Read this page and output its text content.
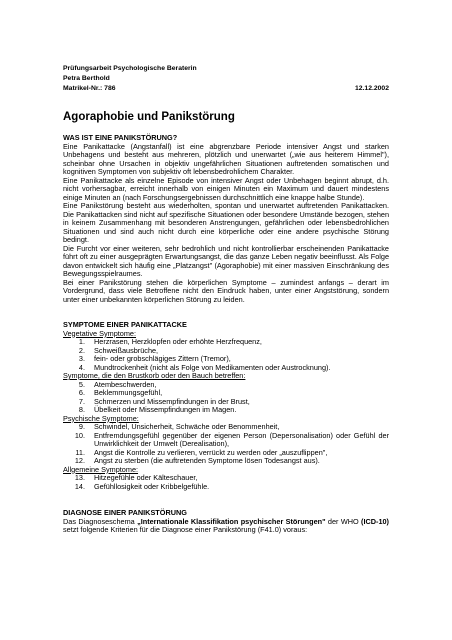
Prüfungsarbeit Psychologische Beraterin
Petra Berthold
Matrikel-Nr.: 786	12.12.2002
Agoraphobie und Panikstörung

WAS IST EINE PANIKSTÖRUNG?

Eine Panikattacke (Angstanfall) ist eine abgrenzbare Periode intensiver Angst und starken Unbehagens und besteht aus mehreren, plötzlich und unerwartet („wie aus heiterem Himmel"), scheinbar ohne Ursachen in objektiv ungefährlichen Situationen auftretenden somatischen und kognitiven Symptomen von subjektiv oft lebensbedrohlichem Charakter.

Eine Panikattacke als einzelne Episode von intensiver Angst oder Unbehagen beginnt abrupt, d.h. nicht vorhersagbar, erreicht innerhalb von einigen Minuten ein Maximum und dauert mindestens einige Minuten an (nach Forschungsergebnissen durchschnittlich eine knappe halbe Stunde).

Eine Panikstörung besteht aus wiederholten, spontan und unerwartet auftretenden Panikattacken. Die Panikattacken sind nicht auf spezifische Situationen oder besondere Umstände bezogen, stehen in keinem Zusammenhang mit besonderen Anstrengungen, gefährlichen oder lebensbedrohlichen Situationen und sind auch nicht durch eine körperliche oder eine andere psychische Störung bedingt.

Die Furcht vor einer weiteren, sehr bedrohlich und nicht kontrollierbar erscheinenden Panikattacke führt oft zu einer ausgeprägten Erwartungsangst, die das ganze Leben negativ beeinflusst. Als Folge davon entwickelt sich häufig eine „Platzangst" (Agoraphobie) mit einer massiven Einschränkung des Bewegungsspielraumes.

Bei einer Panikstörung stehen die körperlichen Symptome – zumindest anfangs – derart im Vordergrund, dass viele Betroffene nicht den Eindruck haben, unter einer Angststörung, sondern unter einer unbekannten körperlichen Störung zu leiden.

SYMPTOME EINER PANIKATTACKE

Vegetative Symptome:

1.	Herzrasen, Herzklopfen oder erhöhte Herzfrequenz,
2.	Schweißausbrüche,
3.	fein- oder grobschlägiges Zittern (Tremor),
4.	Mundtrockenheit (nicht als Folge von Medikamenten oder Austrocknung).

Symptome, die den Brustkorb oder den Bauch betreffen:

5.	Atembeschwerden,
6.	Beklemmungsgefühl,
7.	Schmerzen und Missempfindungen in der Brust,
8.	Übelkeit oder Missempfindungen im Magen.

Psychische Symptome:

9.	Schwindel, Unsicherheit, Schwäche oder Benommenheit,
10.	Entfremdungsgefühl gegenüber der eigenen Person (Depersonalisation) oder Gefühl der Unwirklichkeit der Umwelt (Derealisation),
11.	Angst die Kontrolle zu verlieren, verrückt zu werden oder „auszuflippen",
12.	Angst zu sterben (die auftretenden Symptome lösen Todesangst aus).

Allgemeine Symptome:

13.	Hitzegefühle oder Kälteschauer,
14.	Gefühllosigkeit oder Kribbelgefühle.

DIAGNOSE EINER PANIKSTÖRUNG

Das Diagnoseschema „Internationale Klassifikation psychischer Störungen" der WHO (ICD-10) setzt folgende Kriterien für die Diagnose einer Panikstörung (F41.0) voraus:
